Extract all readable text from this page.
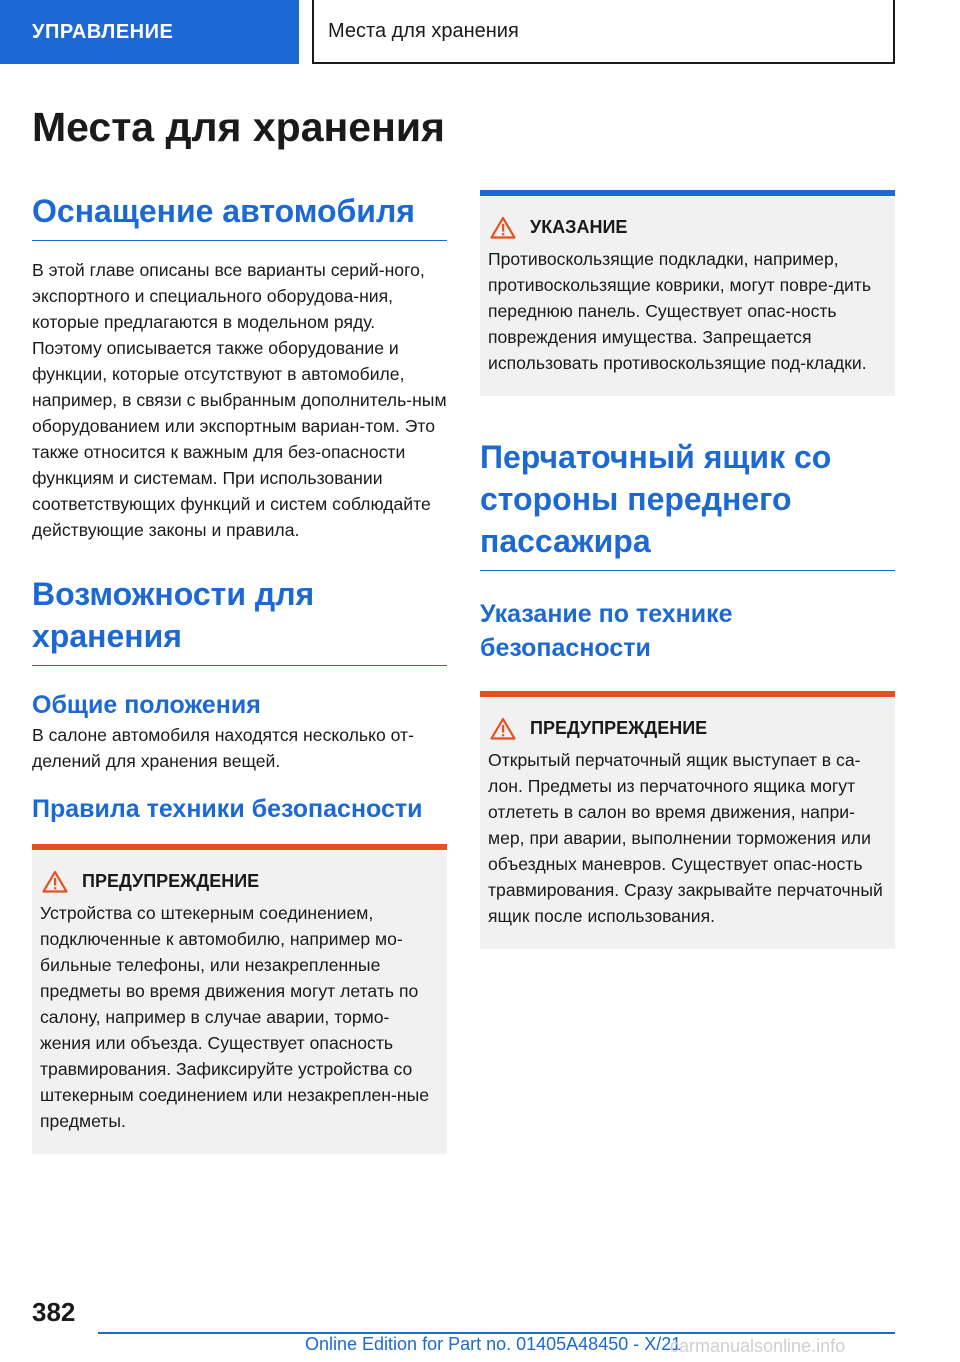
УПРАВЛЕНИЕ	Места для хранения
Места для хранения
Оснащение автомобиля

В этой главе описаны все варианты серий-ного, экспортного и специального оборудова-ния, которые предлагаются в модельном ряду. Поэтому описывается также оборудование и функции, которые отсутствуют в автомобиле, например, в связи с выбранным дополнитель-ным оборудованием или экспортным вариан-том. Это также относится к важным для без-опасности функциям и системам. При использовании соответствующих функций и систем соблюдайте действующие законы и правила.

Возможности для хранения
Общие положения

В салоне автомобиля находятся несколько от-делений для хранения вещей.

Правила техники безопасности
ПРЕДУПРЕЖДЕНИЕ

Устройства со штекерным соединением, подключенные к автомобилю, например мо-бильные телефоны, или незакрепленные предметы во время движения могут летать по салону, например в случае аварии, тормо-жения или объезда. Существует опасность травмирования. Зафиксируйте устройства со штекерным соединением или незакреплен-ные предметы.

УКАЗАНИЕ

Противоскользящие подкладки, например, противоскользящие коврики, могут повре-дить переднюю панель. Существует опас-ность повреждения имущества. Запрещается использовать противоскользящие под-кладки.

Перчаточный ящик со стороны переднего пассажира
Указание по технике безопасности
ПРЕДУПРЕЖДЕНИЕ

Открытый перчаточный ящик выступает в са-лон. Предметы из перчаточного ящика могут отлететь в салон во время движения, напри-мер, при аварии, выполнении торможения или объездных маневров. Существует опас-ность травмирования. Сразу закрывайте перчаточный ящик после использования.

382
Online Edition for Part no. 01405A48450 - X/21
carmanualsonline.info
